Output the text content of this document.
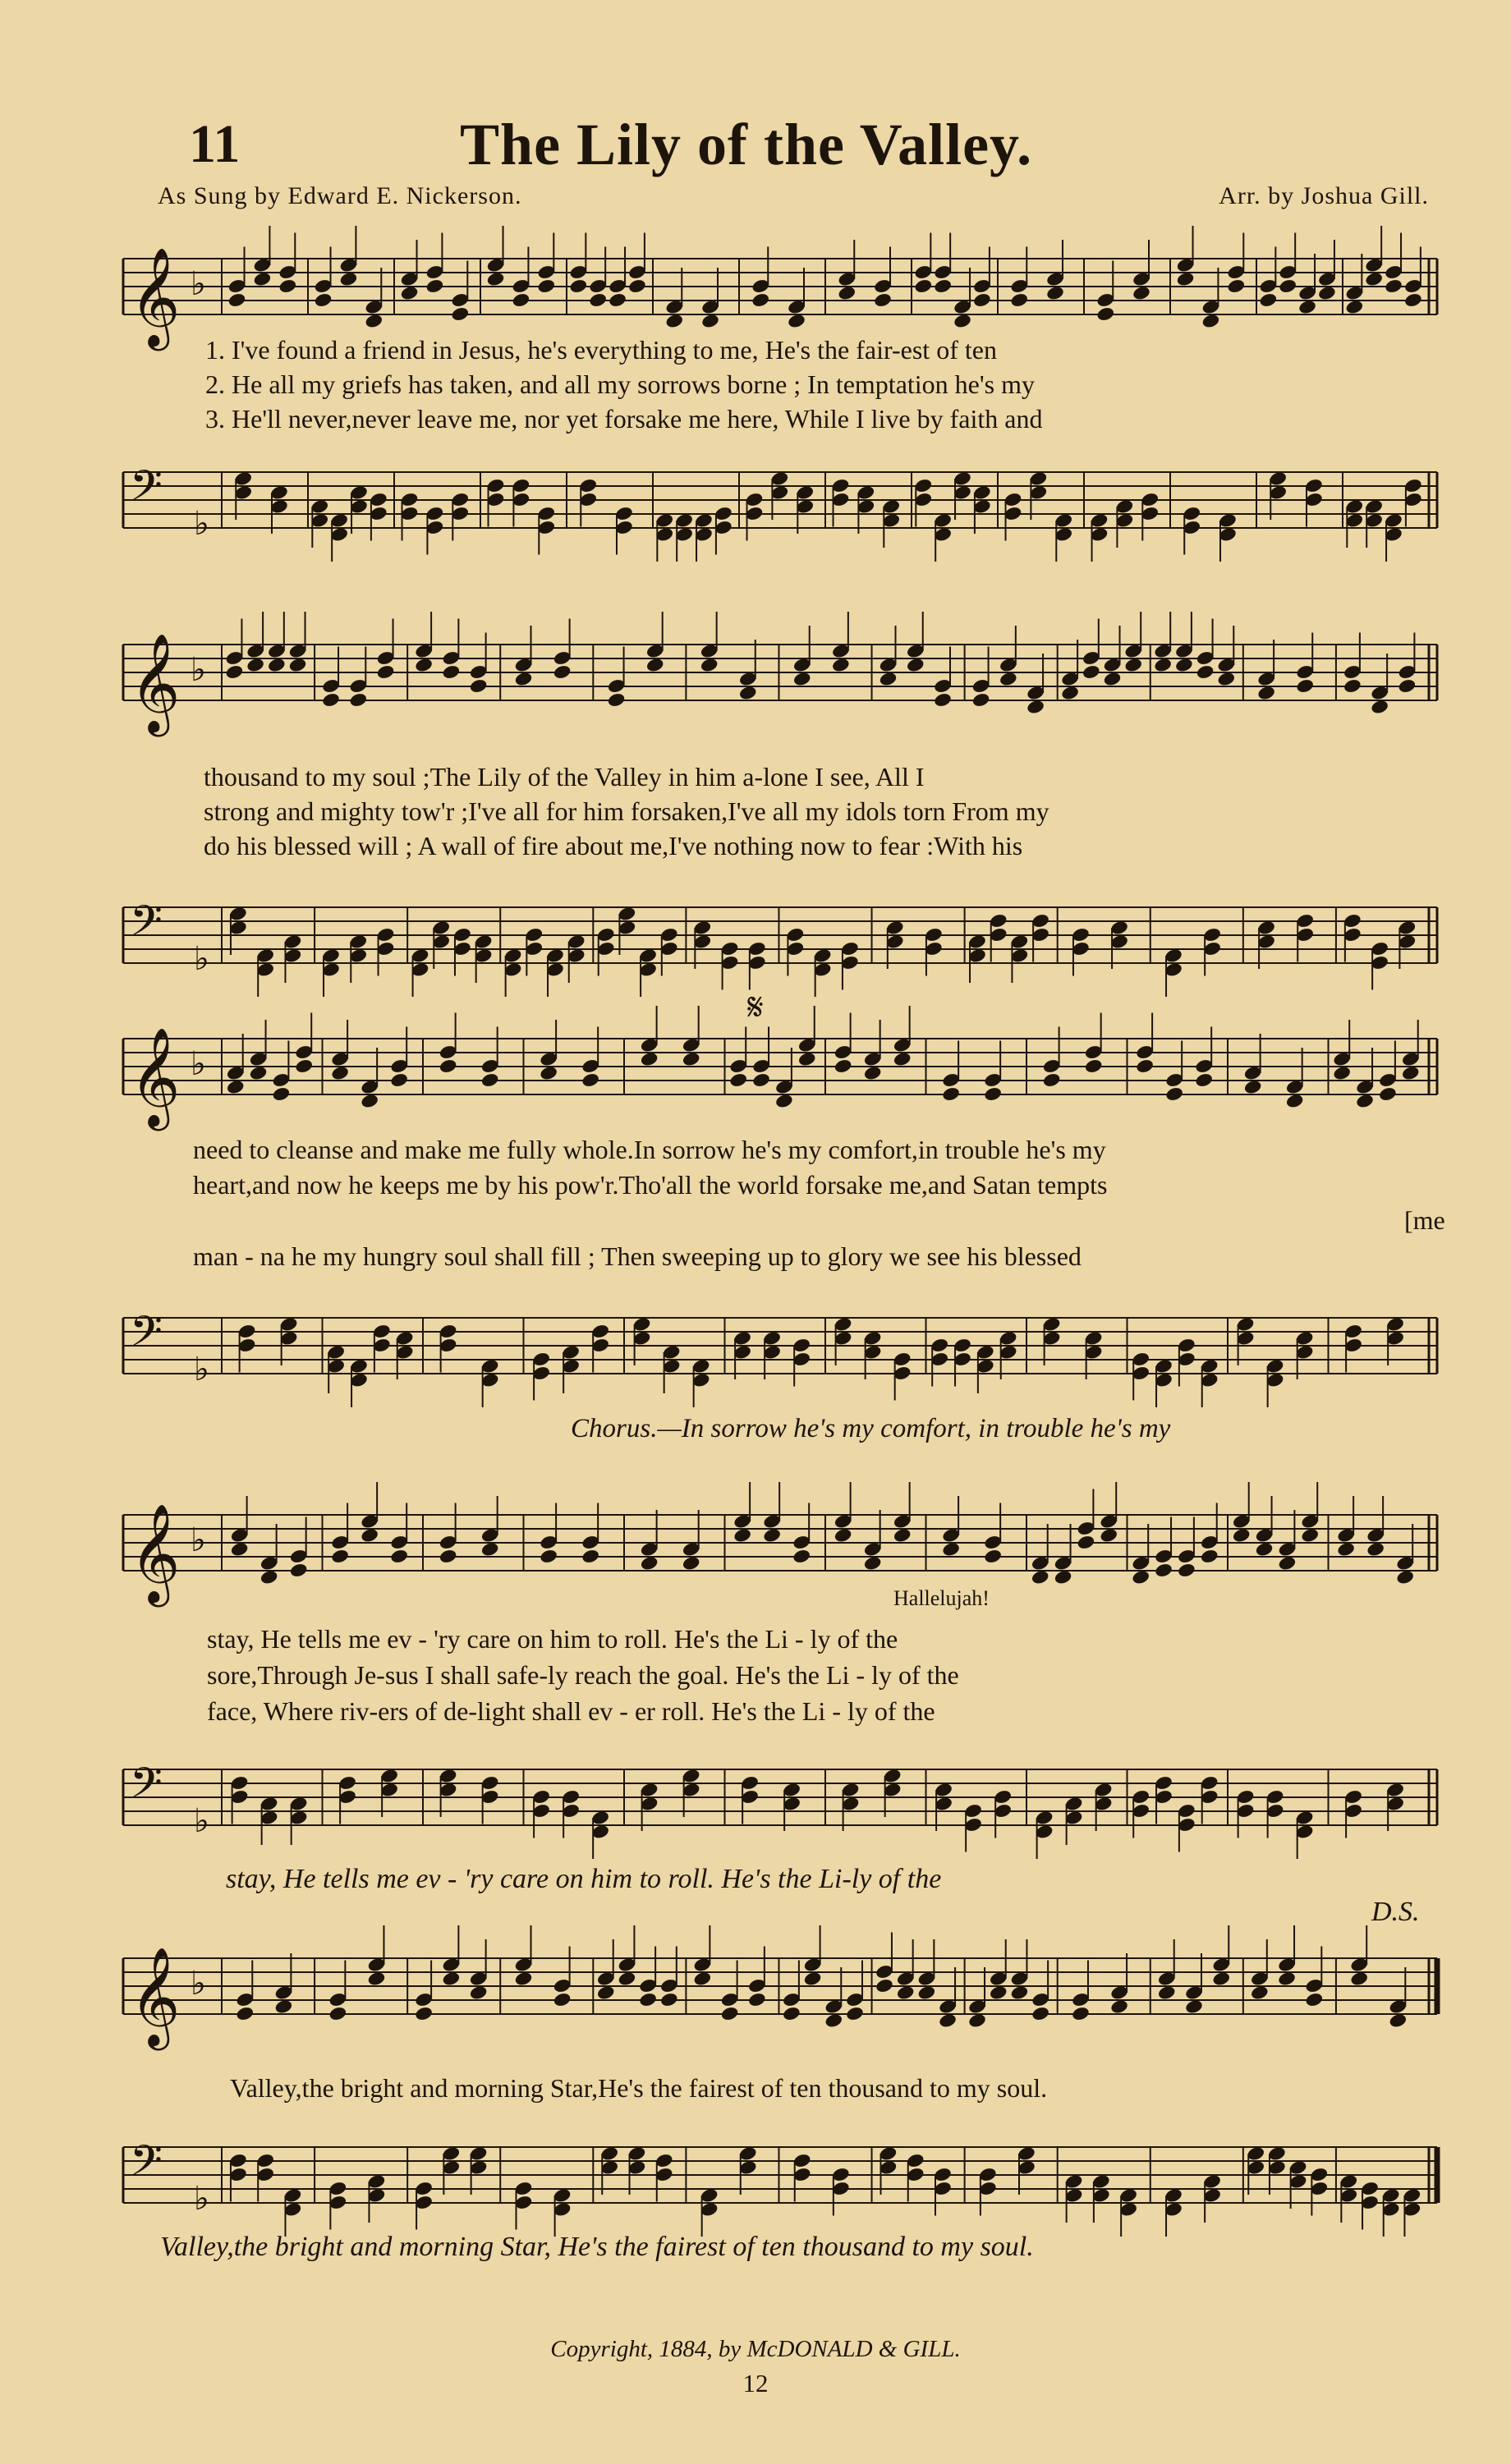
11	The Lily of the Valley.
As Sung by Edward E. Nickerson.	Arr. by Joshua Gill.
𝄞 ♭
1. I've found a friend in Jesus, he's everything to me, He's the fair-est of ten
2. He all my griefs has taken, and all my sorrows borne ; In temptation he's my
3. He'll never,never leave me, nor yet forsake me here, While I live by faith and
𝄢
♭
𝄞 ♭
thousand to my soul ;The Lily of the Valley in him a-lone I see, All I
strong and mighty tow'r ;I've all for him forsaken,I've all my idols torn From my
do his blessed will ; A wall of fire about me,I've nothing now to fear :With his
𝄢
♭
𝄋
𝄞 ♭
need to cleanse and make me fully whole.In sorrow he's my comfort,in trouble he's my
heart,and now he keeps me by his pow'r.Tho'all the world forsake me,and Satan tempts
[me
man - na he my hungry soul shall fill ; Then sweeping up to glory we see his blessed
𝄢
♭
Chorus.—In sorrow he's my comfort, in trouble he's my
𝄞 ♭
Hallelujah!
stay, He tells me ev - 'ry care on him to roll. He's the Li - ly of the
sore,Through Je-sus I shall safe-ly reach the goal. He's the Li - ly of the
face, Where riv-ers of de-light shall ev - er roll. He's the Li - ly of the
𝄢
♭
stay, He tells me ev - 'ry care on him to roll. He's the Li-ly of the
D.S.
𝄞 ♭
Valley,the bright and morning Star,He's the fairest of ten thousand to my soul.
𝄢
♭
Valley,the bright and morning Star, He's the fairest of ten thousand to my soul.
Copyright, 1884, by McDONALD & GILL.
12
